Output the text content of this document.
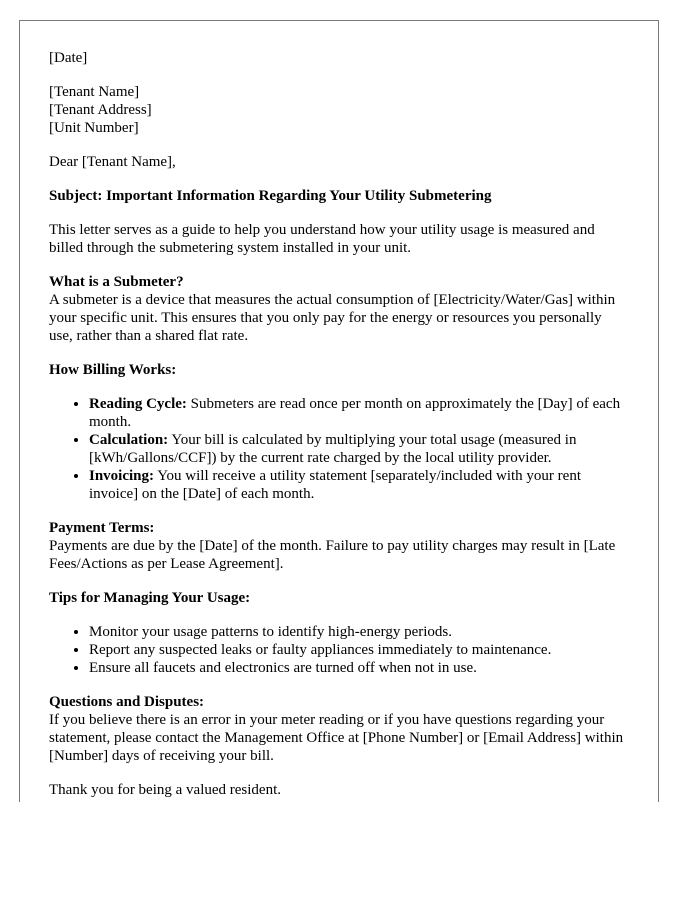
[Date]

[Tenant Name]
[Tenant Address]
[Unit Number]

Dear [Tenant Name],

Subject: Important Information Regarding Your Utility Submetering

This letter serves as a guide to help you understand how your utility usage is measured and billed through the submetering system installed in your unit.

What is a Submeter?
A submeter is a device that measures the actual consumption of [Electricity/Water/Gas] within your specific unit. This ensures that you only pay for the energy or resources you personally use, rather than a shared flat rate.

How Billing Works:

• Reading Cycle: Submeters are read once per month on approximately the [Day] of each month.
• Calculation: Your bill is calculated by multiplying your total usage (measured in [kWh/Gallons/CCF]) by the current rate charged by the local utility provider.
• Invoicing: You will receive a utility statement [separately/included with your rent invoice] on the [Date] of each month.

Payment Terms:
Payments are due by the [Date] of the month. Failure to pay utility charges may result in [Late Fees/Actions as per Lease Agreement].

Tips for Managing Your Usage:

• Monitor your usage patterns to identify high-energy periods.
• Report any suspected leaks or faulty appliances immediately to maintenance.
• Ensure all faucets and electronics are turned off when not in use.

Questions and Disputes:
If you believe there is an error in your meter reading or if you have questions regarding your statement, please contact the Management Office at [Phone Number] or [Email Address] within [Number] days of receiving your bill.

Thank you for being a valued resident.
